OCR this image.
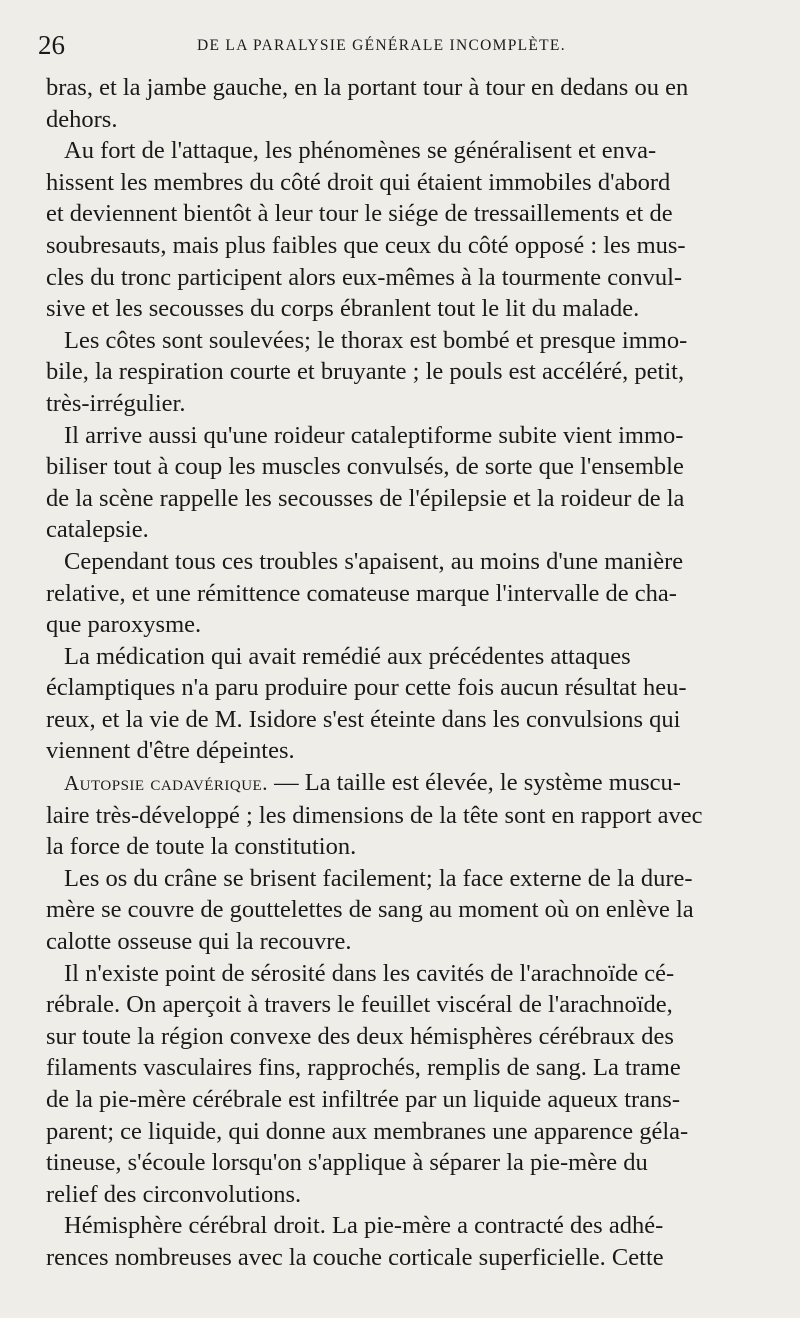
26	DE LA PARALYSIE GÉNÉRALE INCOMPLÈTE.

bras, et la jambe gauche, en la portant tour à tour en dedans ou en
dehors.

Au fort de l'attaque, les phénomènes se généralisent et enva-
hissent les membres du côté droit qui étaient immobiles d'abord
et deviennent bientôt à leur tour le siége de tressaillements et de
soubresauts, mais plus faibles que ceux du côté opposé : les mus-
cles du tronc participent alors eux-mêmes à la tourmente convul-
sive et les secousses du corps ébranlent tout le lit du malade.

Les côtes sont soulevées; le thorax est bombé et presque immo-
bile, la respiration courte et bruyante ; le pouls est accéléré, petit,
très-irrégulier.

Il arrive aussi qu'une roideur cataleptiforme subite vient immo-
biliser tout à coup les muscles convulsés, de sorte que l'ensemble
de la scène rappelle les secousses de l'épilepsie et la roideur de la
catalepsie.

Cependant tous ces troubles s'apaisent, au moins d'une manière
relative, et une rémittence comateuse marque l'intervalle de cha-
que paroxysme.

La médication qui avait remédié aux précédentes attaques
éclamptiques n'a paru produire pour cette fois aucun résultat heu-
reux, et la vie de M. Isidore s'est éteinte dans les convulsions qui
viennent d'être dépeintes.

Autopsie cadavérique. — La taille est élevée, le système muscu-
laire très-développé ; les dimensions de la tête sont en rapport avec
la force de toute la constitution.

Les os du crâne se brisent facilement; la face externe de la dure-
mère se couvre de gouttelettes de sang au moment où on enlève la
calotte osseuse qui la recouvre.

Il n'existe point de sérosité dans les cavités de l'arachnoïde cé-
rébrale. On aperçoit à travers le feuillet viscéral de l'arachnoïde,
sur toute la région convexe des deux hémisphères cérébraux des
filaments vasculaires fins, rapprochés, remplis de sang. La trame
de la pie-mère cérébrale est infiltrée par un liquide aqueux trans-
parent; ce liquide, qui donne aux membranes une apparence géla-
tineuse, s'écoule lorsqu'on s'applique à séparer la pie-mère du
relief des circonvolutions.

Hémisphère cérébral droit. La pie-mère a contracté des adhé-
rences nombreuses avec la couche corticale superficielle. Cette
